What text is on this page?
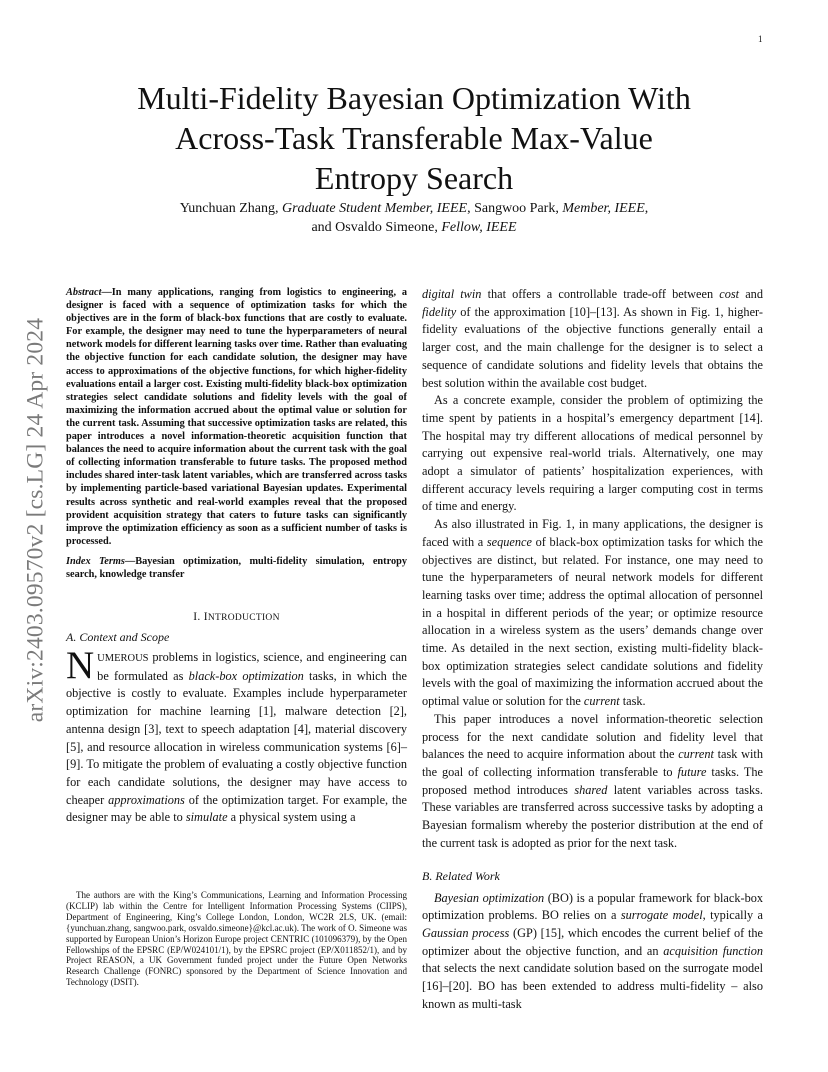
1
arXiv:2403.09570v2 [cs.LG] 24 Apr 2024
Multi-Fidelity Bayesian Optimization With
Across-Task Transferable Max-Value
Entropy Search
Yunchuan Zhang, Graduate Student Member, IEEE, Sangwoo Park, Member, IEEE,
and Osvaldo Simeone, Fellow, IEEE
Abstract—In many applications, ranging from logistics to engineering, a designer is faced with a sequence of optimization tasks for which the objectives are in the form of black-box functions that are costly to evaluate. For example, the designer may need to tune the hyperparameters of neural network models for different learning tasks over time. Rather than evaluating the objective function for each candidate solution, the designer may have access to approximations of the objective functions, for which higher-fidelity evaluations entail a larger cost. Existing multi-fidelity black-box optimization strategies select candidate solutions and fidelity levels with the goal of maximizing the information accrued about the optimal value or solution for the current task. Assuming that successive optimization tasks are related, this paper introduces a novel information-theoretic acquisition function that balances the need to acquire information about the current task with the goal of collecting information transferable to future tasks. The proposed method includes shared inter-task latent variables, which are transferred across tasks by implementing particle-based variational Bayesian updates. Experimental results across synthetic and real-world examples reveal that the proposed provident acquisition strategy that caters to future tasks can significantly improve the optimization efficiency as soon as a sufficient number of tasks is processed.
Index Terms—Bayesian optimization, multi-fidelity simulation, entropy search, knowledge transfer
I. INTRODUCTION
A. Context and Scope

NUMEROUS problems in logistics, science, and engineering can be formulated as black-box optimization tasks, in which the objective is costly to evaluate. Examples include hyperparameter optimization for machine learning [1], malware detection [2], antenna design [3], text to speech adaptation [4], material discovery [5], and resource allocation in wireless communication systems [6]–[9]. To mitigate the problem of evaluating a costly objective function for each candidate solutions, the designer may have access to cheaper approximations of the optimization target. For example, the designer may be able to simulate a physical system using a

The authors are with the King’s Communications, Learning and Information Processing (KCLIP) lab within the Centre for Intelligent Information Processing Systems (CIIPS), Department of Engineering, King’s College London, London, WC2R 2LS, UK. (email:{yunchuan.zhang, sangwoo.park, osvaldo.simeone}@kcl.ac.uk). The work of O. Simeone was supported by European Union’s Horizon Europe project CENTRIC (101096379), by the Open Fellowships of the EPSRC (EP/W024101/1), by the EPSRC project (EP/X011852/1), and by Project REASON, a UK Government funded project under the Future Open Networks Research Challenge (FONRC) sponsored by the Department of Science Innovation and Technology (DSIT).

digital twin that offers a controllable trade-off between cost and fidelity of the approximation [10]–[13]. As shown in Fig. 1, higher-fidelity evaluations of the objective functions generally entail a larger cost, and the main challenge for the designer is to select a sequence of candidate solutions and fidelity levels that obtains the best solution within the available cost budget.

As a concrete example, consider the problem of optimizing the time spent by patients in a hospital’s emergency department [14]. The hospital may try different allocations of medical personnel by carrying out expensive real-world trials. Alternatively, one may adopt a simulator of patients’ hospitalization experiences, with different accuracy levels requiring a larger computing cost in terms of time and energy.

As also illustrated in Fig. 1, in many applications, the designer is faced with a sequence of black-box optimization tasks for which the objectives are distinct, but related. For instance, one may need to tune the hyperparameters of neural network models for different learning tasks over time; address the optimal allocation of personnel in a hospital in different periods of the year; or optimize resource allocation in a wireless system as the users’ demands change over time. As detailed in the next section, existing multi-fidelity black-box optimization strategies select candidate solutions and fidelity levels with the goal of maximizing the information accrued about the optimal value or solution for the current task.

This paper introduces a novel information-theoretic selection process for the next candidate solution and fidelity level that balances the need to acquire information about the current task with the goal of collecting information transferable to future tasks. The proposed method introduces shared latent variables across tasks. These variables are transferred across successive tasks by adopting a Bayesian formalism whereby the posterior distribution at the end of the current task is adopted as prior for the next task.

B. Related Work

Bayesian optimization (BO) is a popular framework for black-box optimization problems. BO relies on a surrogate model, typically a Gaussian process (GP) [15], which encodes the current belief of the optimizer about the objective function, and an acquisition function that selects the next candidate solution based on the surrogate model [16]–[20]. BO has been extended to address multi-fidelity – also known as multi-task
